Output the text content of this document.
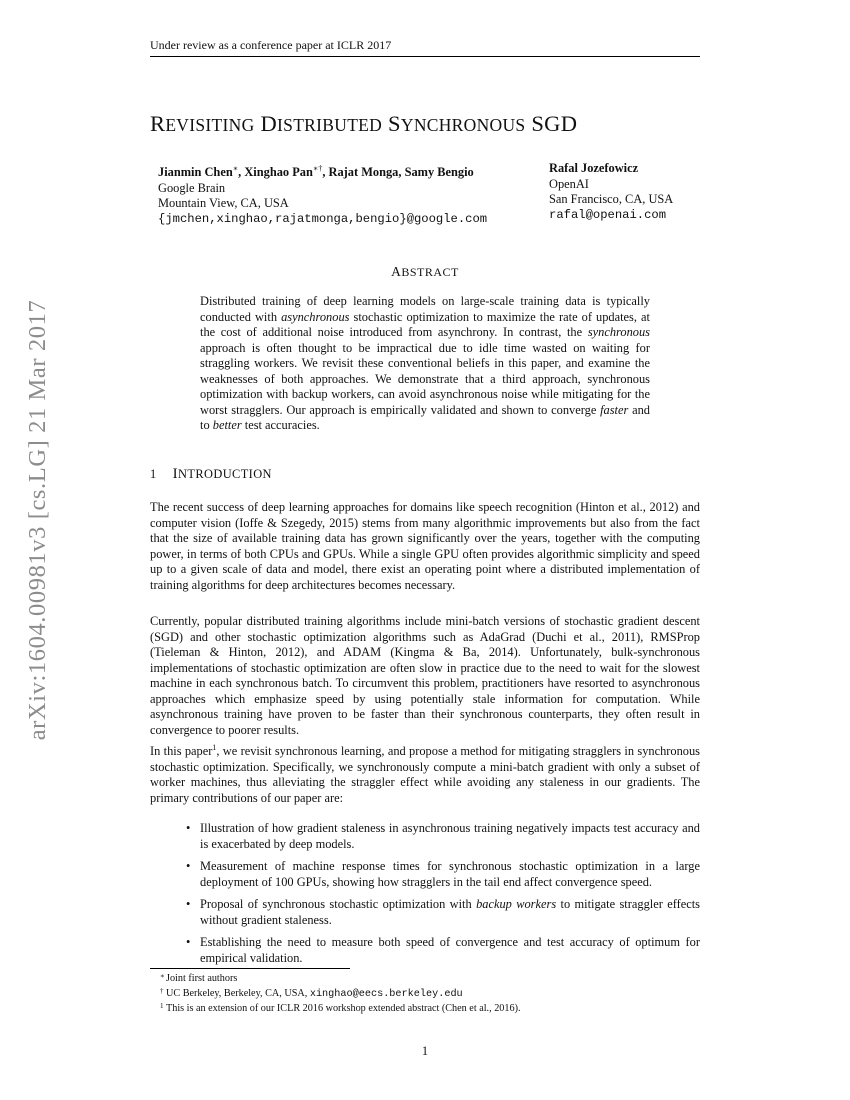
arXiv:1604.00981v3 [cs.LG] 21 Mar 2017
Under review as a conference paper at ICLR 2017
REVISITING DISTRIBUTED SYNCHRONOUS SGD
Jianmin Chen∗, Xinghao Pan∗†, Rajat Monga, Samy Bengio
Google Brain
Mountain View, CA, USA
{jmchen,xinghao,rajatmonga,bengio}@google.com
Rafal Jozefowicz
OpenAI
San Francisco, CA, USA
rafal@openai.com
ABSTRACT
Distributed training of deep learning models on large-scale training data is typically conducted with asynchronous stochastic optimization to maximize the rate of updates, at the cost of additional noise introduced from asynchrony. In contrast, the synchronous approach is often thought to be impractical due to idle time wasted on waiting for straggling workers. We revisit these conventional beliefs in this paper, and examine the weaknesses of both approaches. We demonstrate that a third approach, synchronous optimization with backup workers, can avoid asynchronous noise while mitigating for the worst stragglers. Our approach is empirically validated and shown to converge faster and to better test accuracies.
1 INTRODUCTION

The recent success of deep learning approaches for domains like speech recognition (Hinton et al., 2012) and computer vision (Ioffe & Szegedy, 2015) stems from many algorithmic improvements but also from the fact that the size of available training data has grown significantly over the years, together with the computing power, in terms of both CPUs and GPUs. While a single GPU often provides algorithmic simplicity and speed up to a given scale of data and model, there exist an operating point where a distributed implementation of training algorithms for deep architectures becomes necessary.

Currently, popular distributed training algorithms include mini-batch versions of stochastic gradient descent (SGD) and other stochastic optimization algorithms such as AdaGrad (Duchi et al., 2011), RMSProp (Tieleman & Hinton, 2012), and ADAM (Kingma & Ba, 2014). Unfortunately, bulk-synchronous implementations of stochastic optimization are often slow in practice due to the need to wait for the slowest machine in each synchronous batch. To circumvent this problem, practitioners have resorted to asynchronous approaches which emphasize speed by using potentially stale information for computation. While asynchronous training have proven to be faster than their synchronous counterparts, they often result in convergence to poorer results.

In this paper$^1$, we revisit synchronous learning, and propose a method for mitigating stragglers in synchronous stochastic optimization. Specifically, we synchronously compute a mini-batch gradient with only a subset of worker machines, thus alleviating the straggler effect while avoiding any staleness in our gradients. The primary contributions of our paper are:

• Illustration of how gradient staleness in asynchronous training negatively impacts test accuracy and is exacerbated by deep models.
• Measurement of machine response times for synchronous stochastic optimization in a large deployment of 100 GPUs, showing how stragglers in the tail end affect convergence speed.
• Proposal of synchronous stochastic optimization with backup workers to mitigate straggler effects without gradient staleness.
• Establishing the need to measure both speed of convergence and test accuracy of optimum for empirical validation.
∗ Joint first authors
† UC Berkeley, Berkeley, CA, USA, xinghao@eecs.berkeley.edu
1 This is an extension of our ICLR 2016 workshop extended abstract (Chen et al., 2016).
1
